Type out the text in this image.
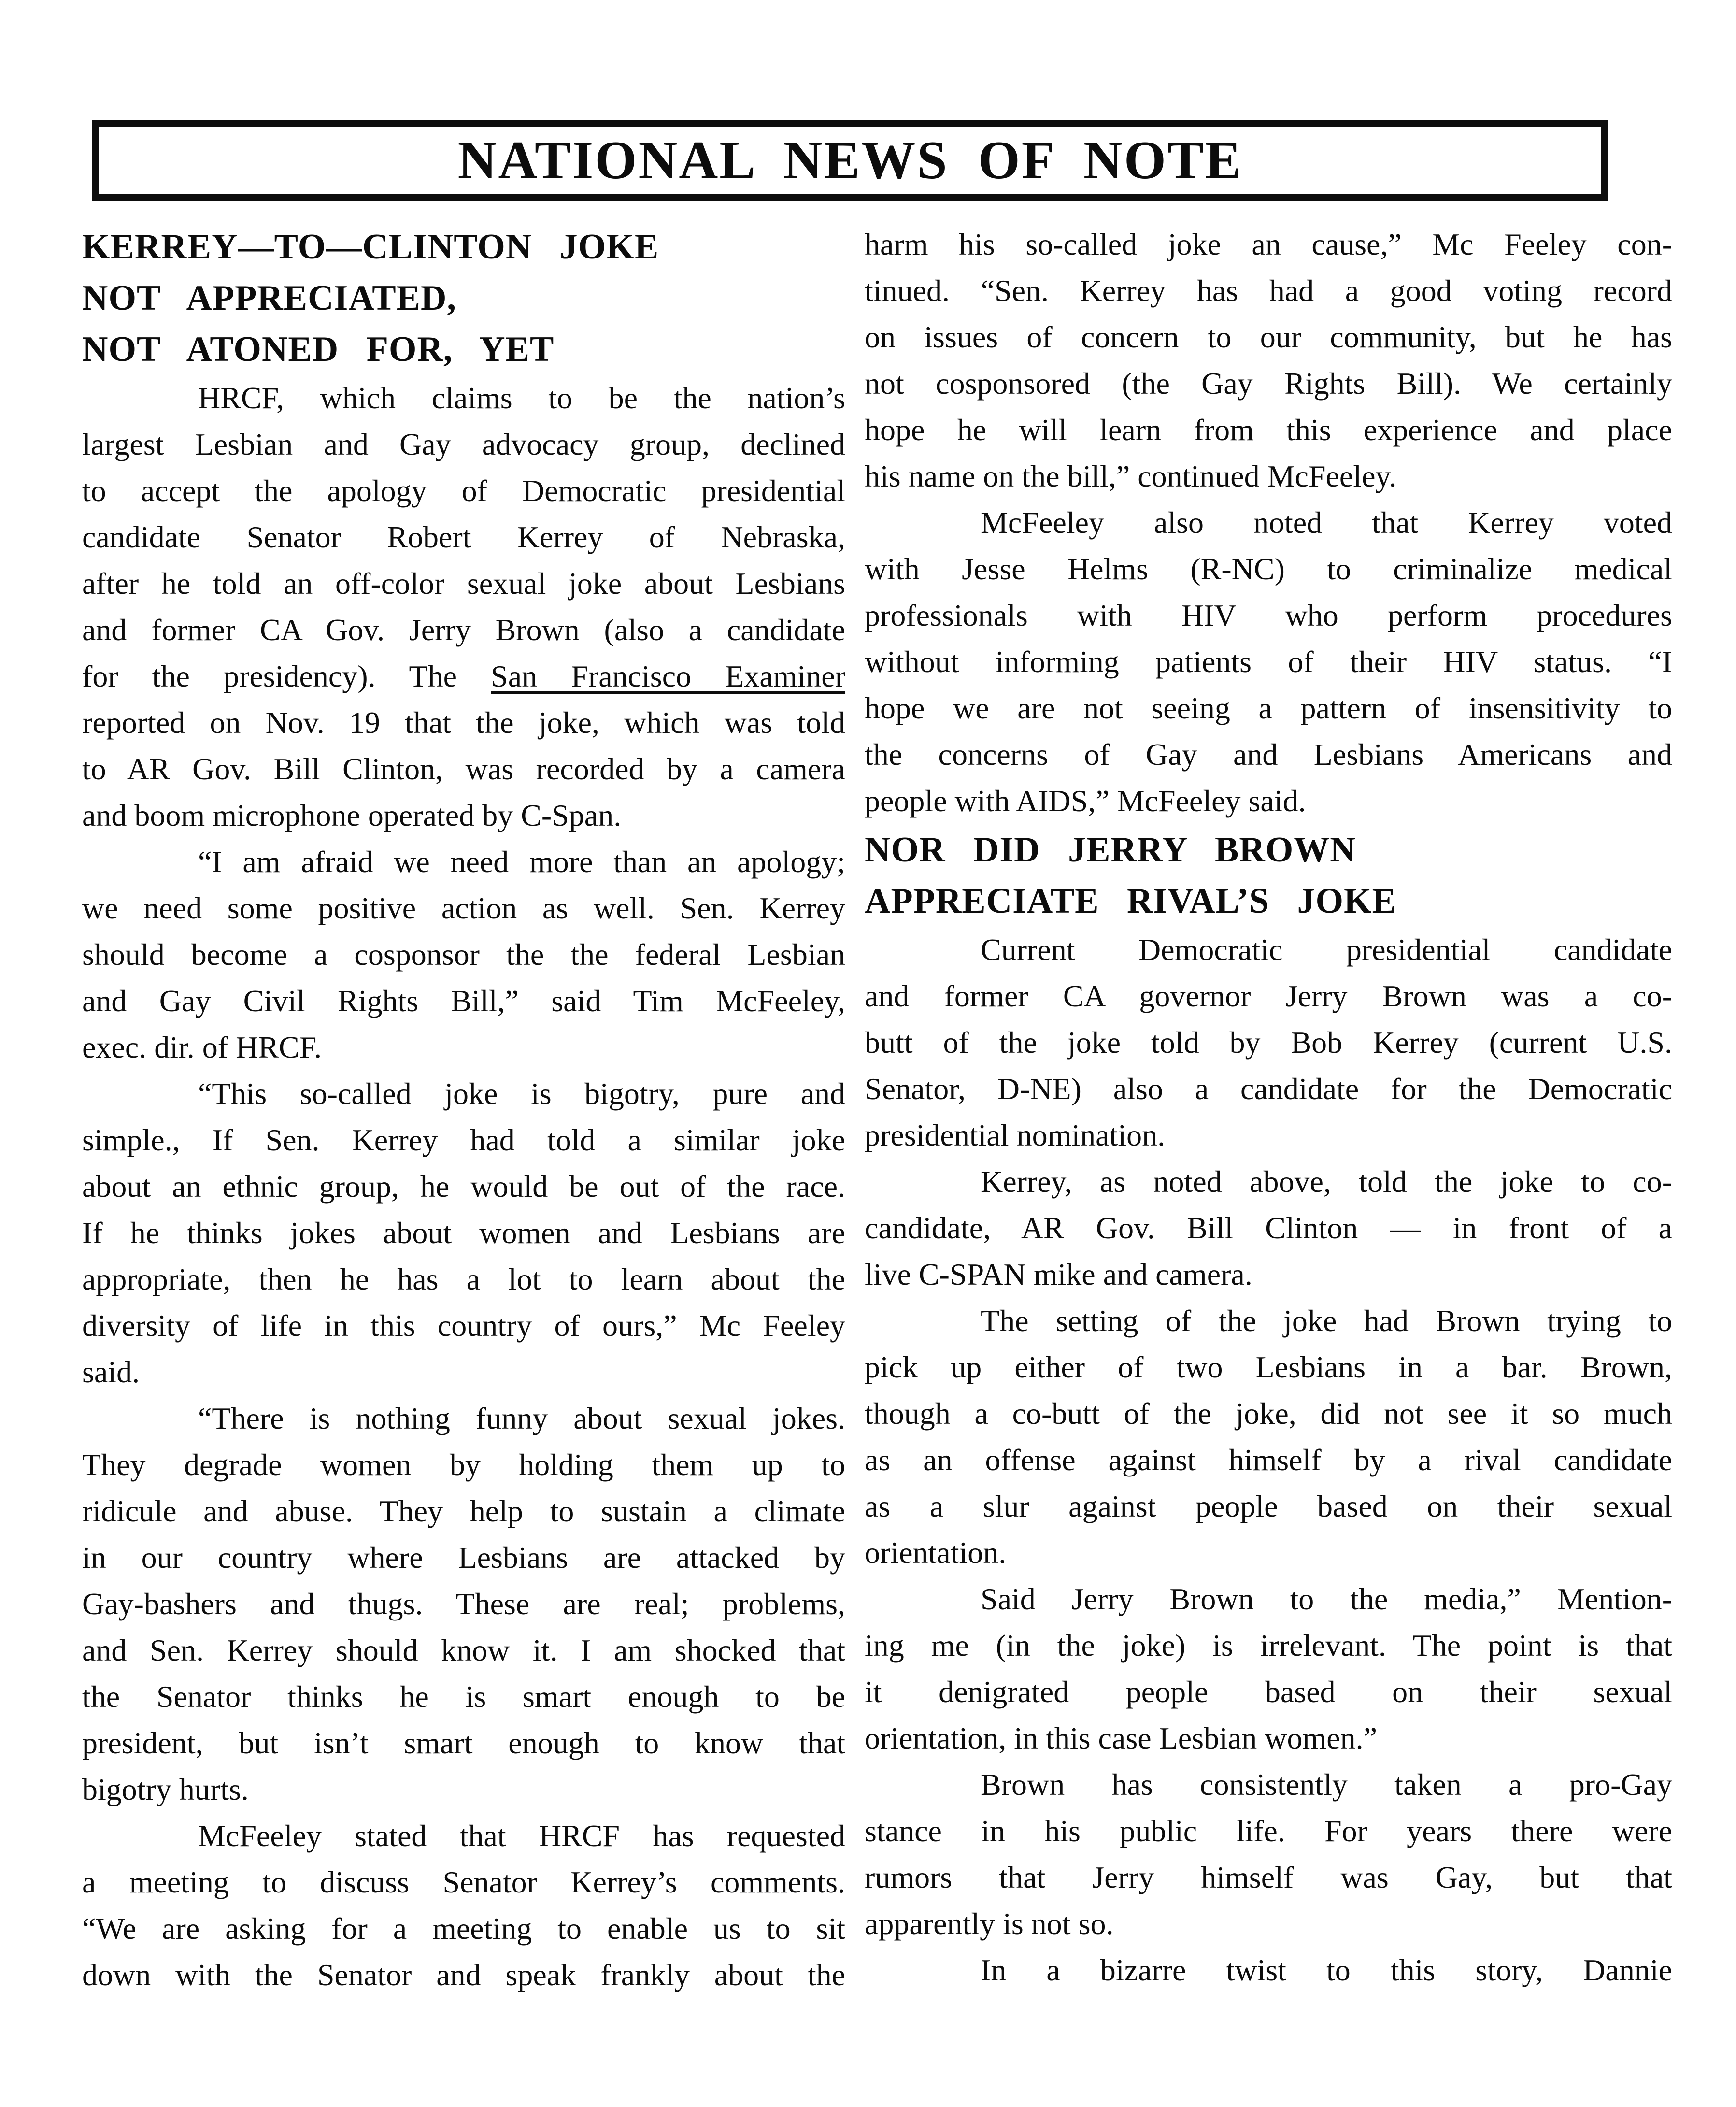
NATIONAL NEWS OF NOTE
KERREY—TO—CLINTON JOKE
NOT APPRECIATED,
NOT ATONED FOR, YET
HRCF, which claims to be the nation’s
largest Lesbian and Gay advocacy group, declined
to accept the apology of Democratic presidential
candidate Senator Robert Kerrey of Nebraska,
after he told an off-color sexual joke about Lesbians
and former CA Gov. Jerry Brown (also a candidate
for the presidency). The San Francisco Examiner
reported on Nov. 19 that the joke, which was told
to AR Gov. Bill Clinton, was recorded by a camera
and boom microphone operated by C-Span.
“I am afraid we need more than an apology;
we need some positive action as well. Sen. Kerrey
should become a cosponsor the the federal Lesbian
and Gay Civil Rights Bill,” said Tim McFeeley,
exec. dir. of HRCF.
“This so-called joke is bigotry, pure and
simple., If Sen. Kerrey had told a similar joke
about an ethnic group, he would be out of the race.
If he thinks jokes about women and Lesbians are
appropriate, then he has a lot to learn about the
diversity of life in this country of ours,” Mc Feeley
said.
“There is nothing funny about sexual jokes.
They degrade women by holding them up to
ridicule and abuse. They help to sustain a climate
in our country where Lesbians are attacked by
Gay-bashers and thugs. These are real; problems,
and Sen. Kerrey should know it. I am shocked that
the Senator thinks he is smart enough to be
president, but isn’t smart enough to know that
bigotry hurts.
McFeeley stated that HRCF has requested
a meeting to discuss Senator Kerrey’s comments.
“We are asking for a meeting to enable us to sit
down with the Senator and speak frankly about the
harm his so-called joke an cause,” Mc Feeley con-
tinued. “Sen. Kerrey has had a good voting record
on issues of concern to our community, but he has
not cosponsored (the Gay Rights Bill). We certainly
hope he will learn from this experience and place
his name on the bill,” continued McFeeley.
McFeeley also noted that Kerrey voted
with Jesse Helms (R-NC) to criminalize medical
professionals with HIV who perform procedures
without informing patients of their HIV status. “I
hope we are not seeing a pattern of insensitivity to
the concerns of Gay and Lesbians Americans and
people with AIDS,” McFeeley said.
NOR DID JERRY BROWN
APPRECIATE RIVAL’S JOKE
Current Democratic presidential candidate
and former CA governor Jerry Brown was a co-
butt of the joke told by Bob Kerrey (current U.S.
Senator, D-NE) also a candidate for the Democratic
presidential nomination.
Kerrey, as noted above, told the joke to co-
candidate, AR Gov. Bill Clinton — in front of a
live C-SPAN mike and camera.
The setting of the joke had Brown trying to
pick up either of two Lesbians in a bar. Brown,
though a co-butt of the joke, did not see it so much
as an offense against himself by a rival candidate
as a slur against people based on their sexual
orientation.
Said Jerry Brown to the media,” Mention-
ing me (in the joke) is irrelevant. The point is that
it denigrated people based on their sexual
orientation, in this case Lesbian women.”
Brown has consistently taken a pro-Gay
stance in his public life. For years there were
rumors that Jerry himself was Gay, but that
apparently is not so.
In a bizarre twist to this story, Dannie
